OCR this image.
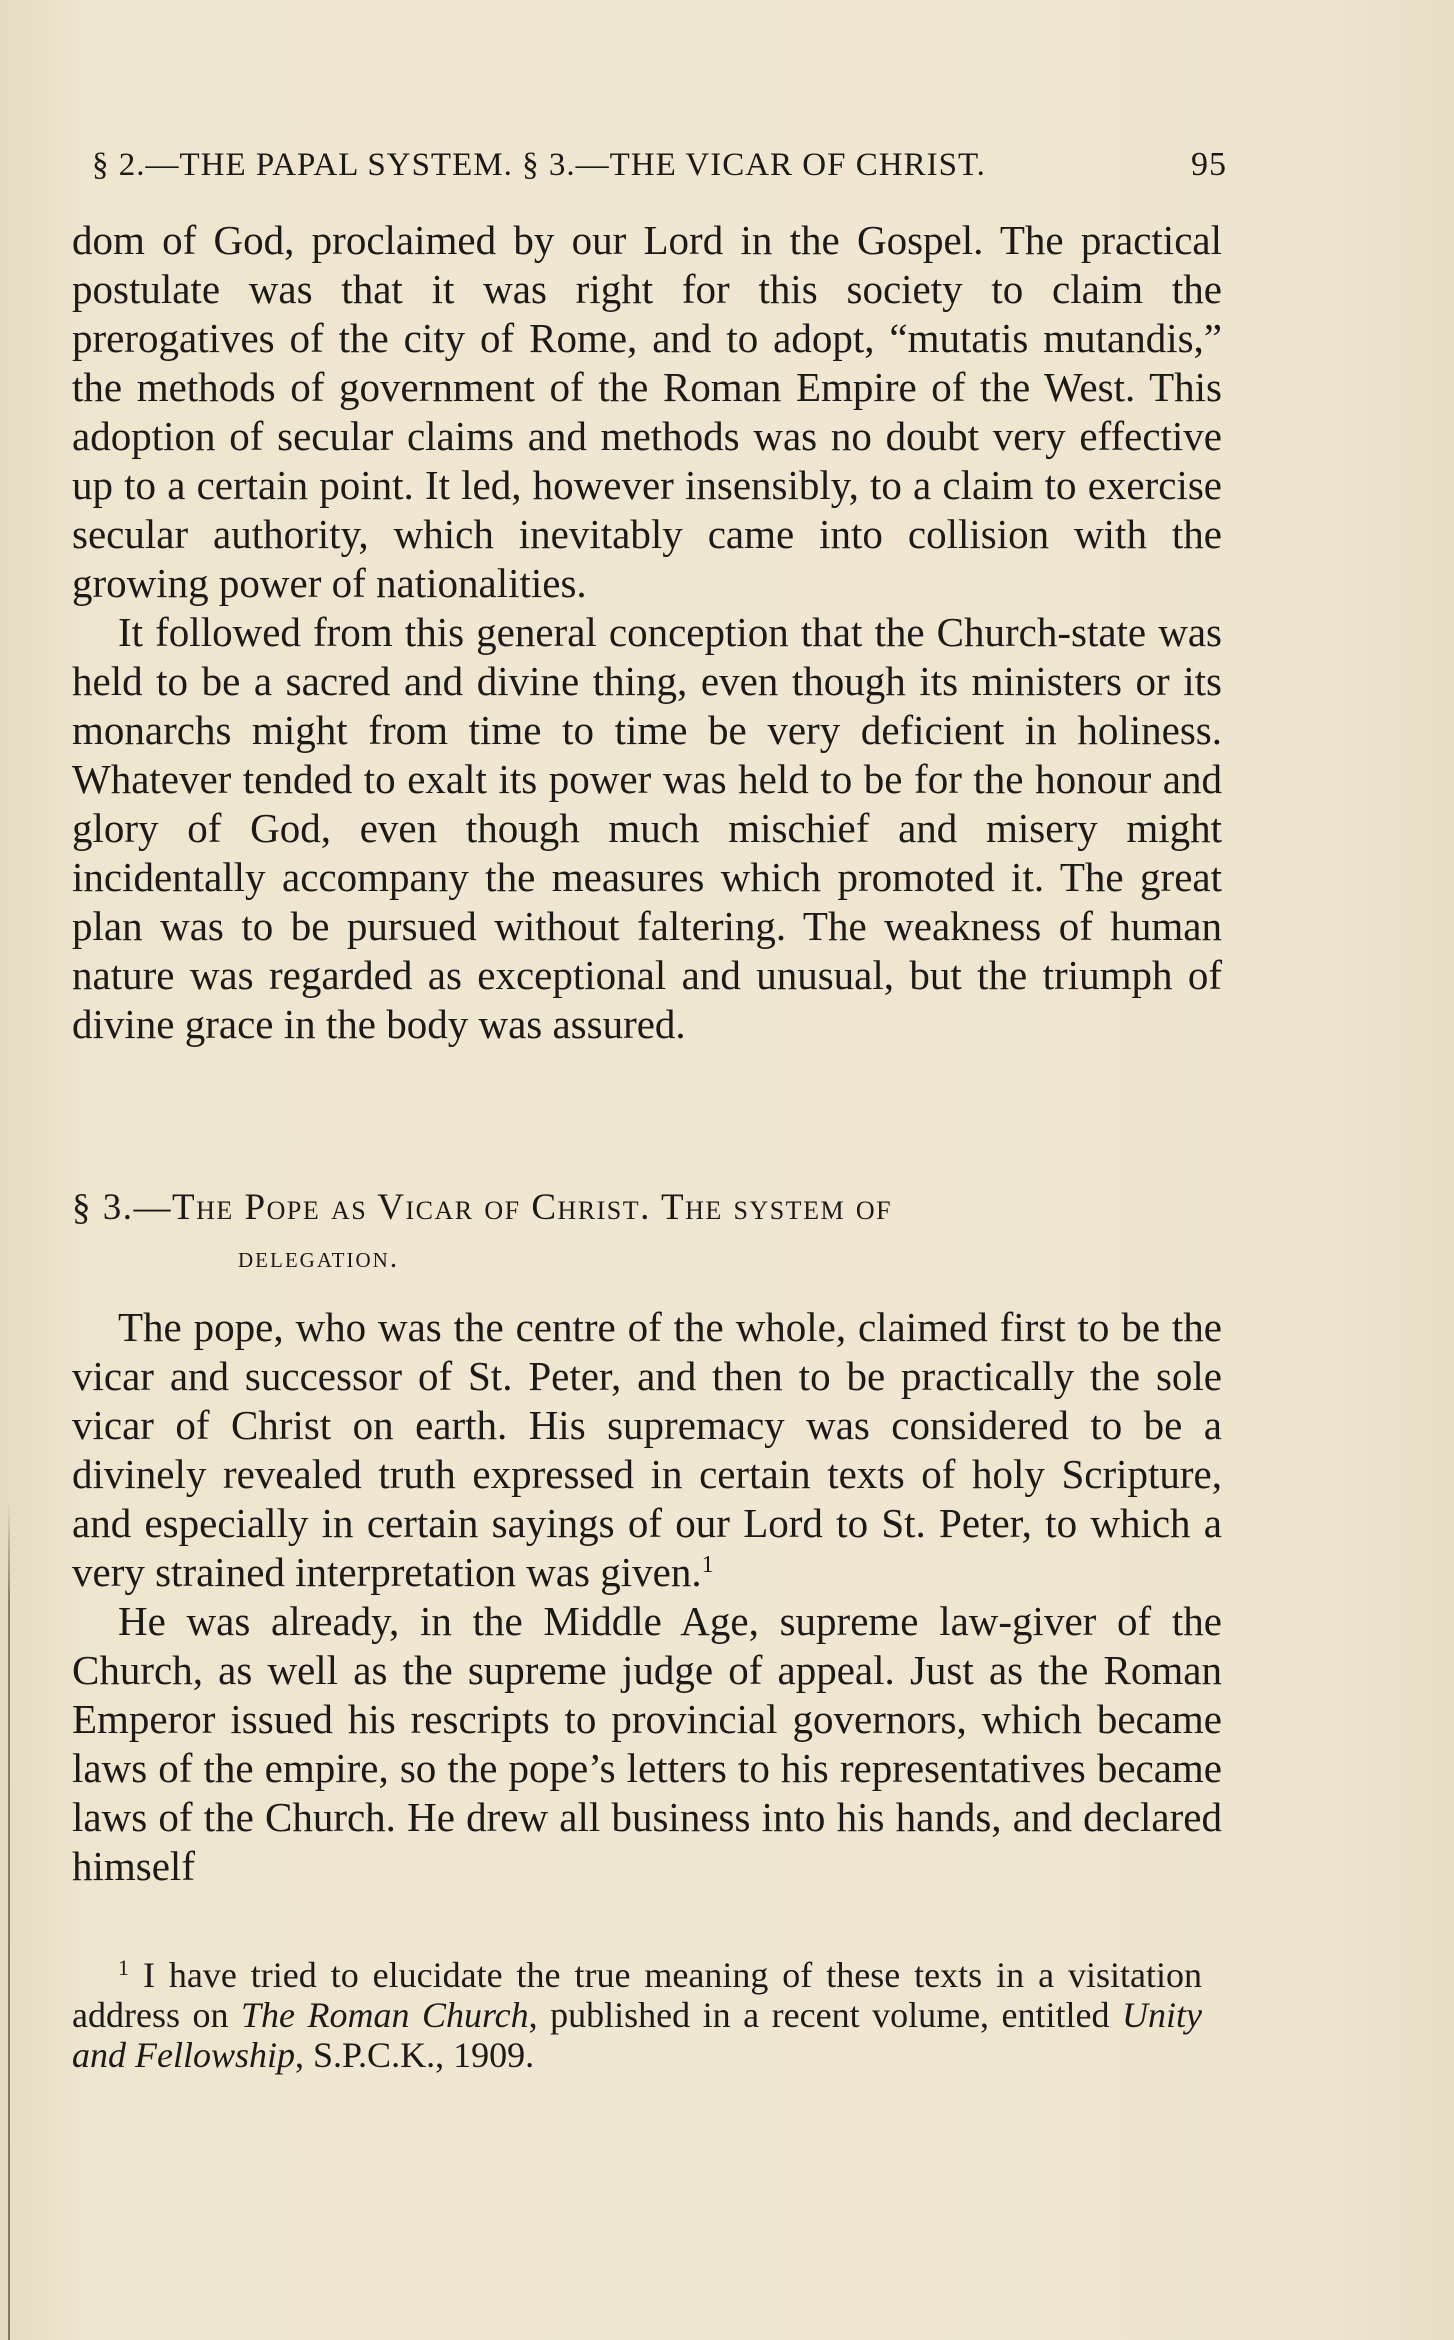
§ 2.—THE PAPAL SYSTEM. § 3.—THE VICAR OF CHRIST.	95

dom of God, proclaimed by our Lord in the Gospel. The practical postulate was that it was right for this society to claim the prerogatives of the city of Rome, and to adopt, “mutatis mutandis,” the methods of government of the Roman Empire of the West. This adoption of secular claims and methods was no doubt very effective up to a certain point. It led, however insensibly, to a claim to exercise secular authority, which inevitably came into collision with the growing power of nationalities.

It followed from this general conception that the Church-state was held to be a sacred and divine thing, even though its ministers or its monarchs might from time to time be very deficient in holiness. Whatever tended to exalt its power was held to be for the honour and glory of God, even though much mischief and misery might incidentally accompany the measures which promoted it. The great plan was to be pursued without faltering. The weakness of human nature was regarded as exceptional and unusual, but the triumph of divine grace in the body was assured.

§ 3.—The Pope as Vicar of Christ. The system of
delegation.

The pope, who was the centre of the whole, claimed first to be the vicar and successor of St. Peter, and then to be practically the sole vicar of Christ on earth. His supremacy was considered to be a divinely revealed truth expressed in certain texts of holy Scripture, and especially in certain sayings of our Lord to St. Peter, to which a very strained interpretation was given.$^1$

He was already, in the Middle Age, supreme law-giver of the Church, as well as the supreme judge of appeal. Just as the Roman Emperor issued his rescripts to provincial governors, which became laws of the empire, so the pope’s letters to his representatives became laws of the Church. He drew all business into his hands, and declared himself

$^1$ I have tried to elucidate the true meaning of these texts in a visitation address on The Roman Church, published in a recent volume, entitled Unity and Fellowship, S.P.C.K., 1909.
